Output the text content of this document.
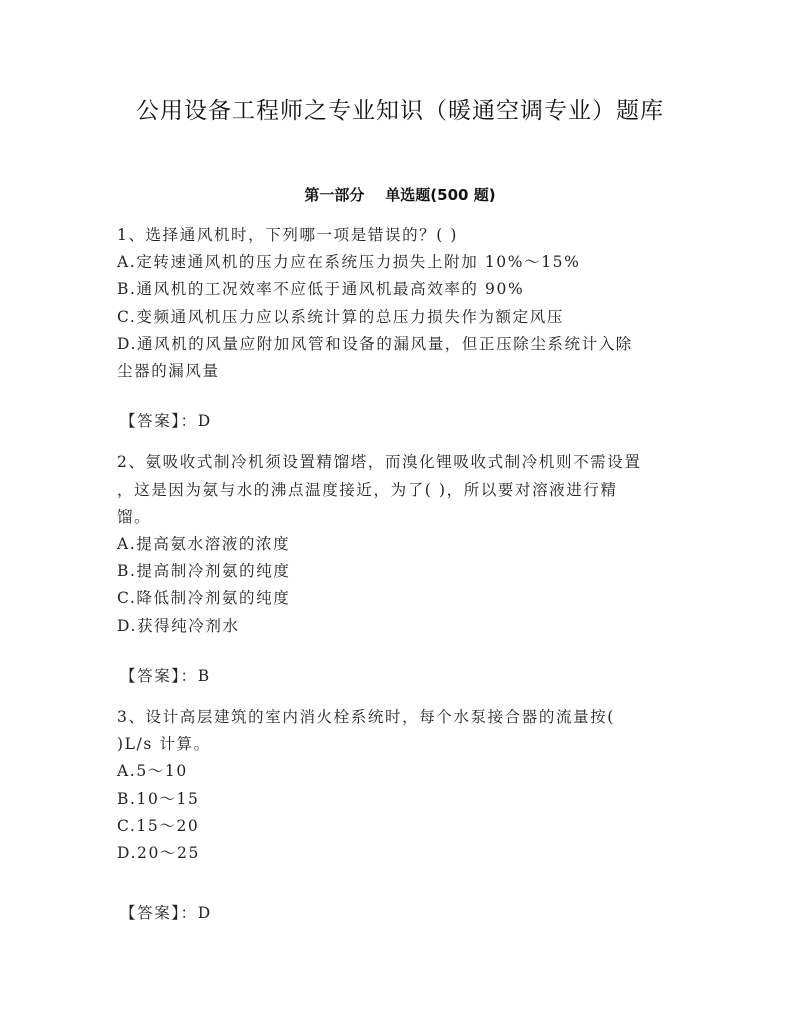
公用设备工程师之专业知识（暖通空调专业）题库
第一部分    单选题(500 题)
1、选择通风机时，下列哪一项是错误的？( )
A.定转速通风机的压力应在系统压力损失上附加 10%～15%
B.通风机的工况效率不应低于通风机最高效率的 90%
C.变频通风机压力应以系统计算的总压力损失作为额定风压
D.通风机的风量应附加风管和设备的漏风量，但正压除尘系统计入除
尘器的漏风量
【答案】：D
2、氨吸收式制冷机须设置精馏塔，而溴化锂吸收式制冷机则不需设置
，这是因为氨与水的沸点温度接近，为了( )，所以要对溶液进行精
馏。
A.提高氨水溶液的浓度
B.提高制冷剂氨的纯度
C.降低制冷剂氨的纯度
D.获得纯冷剂水
【答案】：B
3、设计高层建筑的室内消火栓系统时，每个水泵接合器的流量按(
)L/s 计算。
A.5～10
B.10～15
C.15～20
D.20～25
【答案】：D
